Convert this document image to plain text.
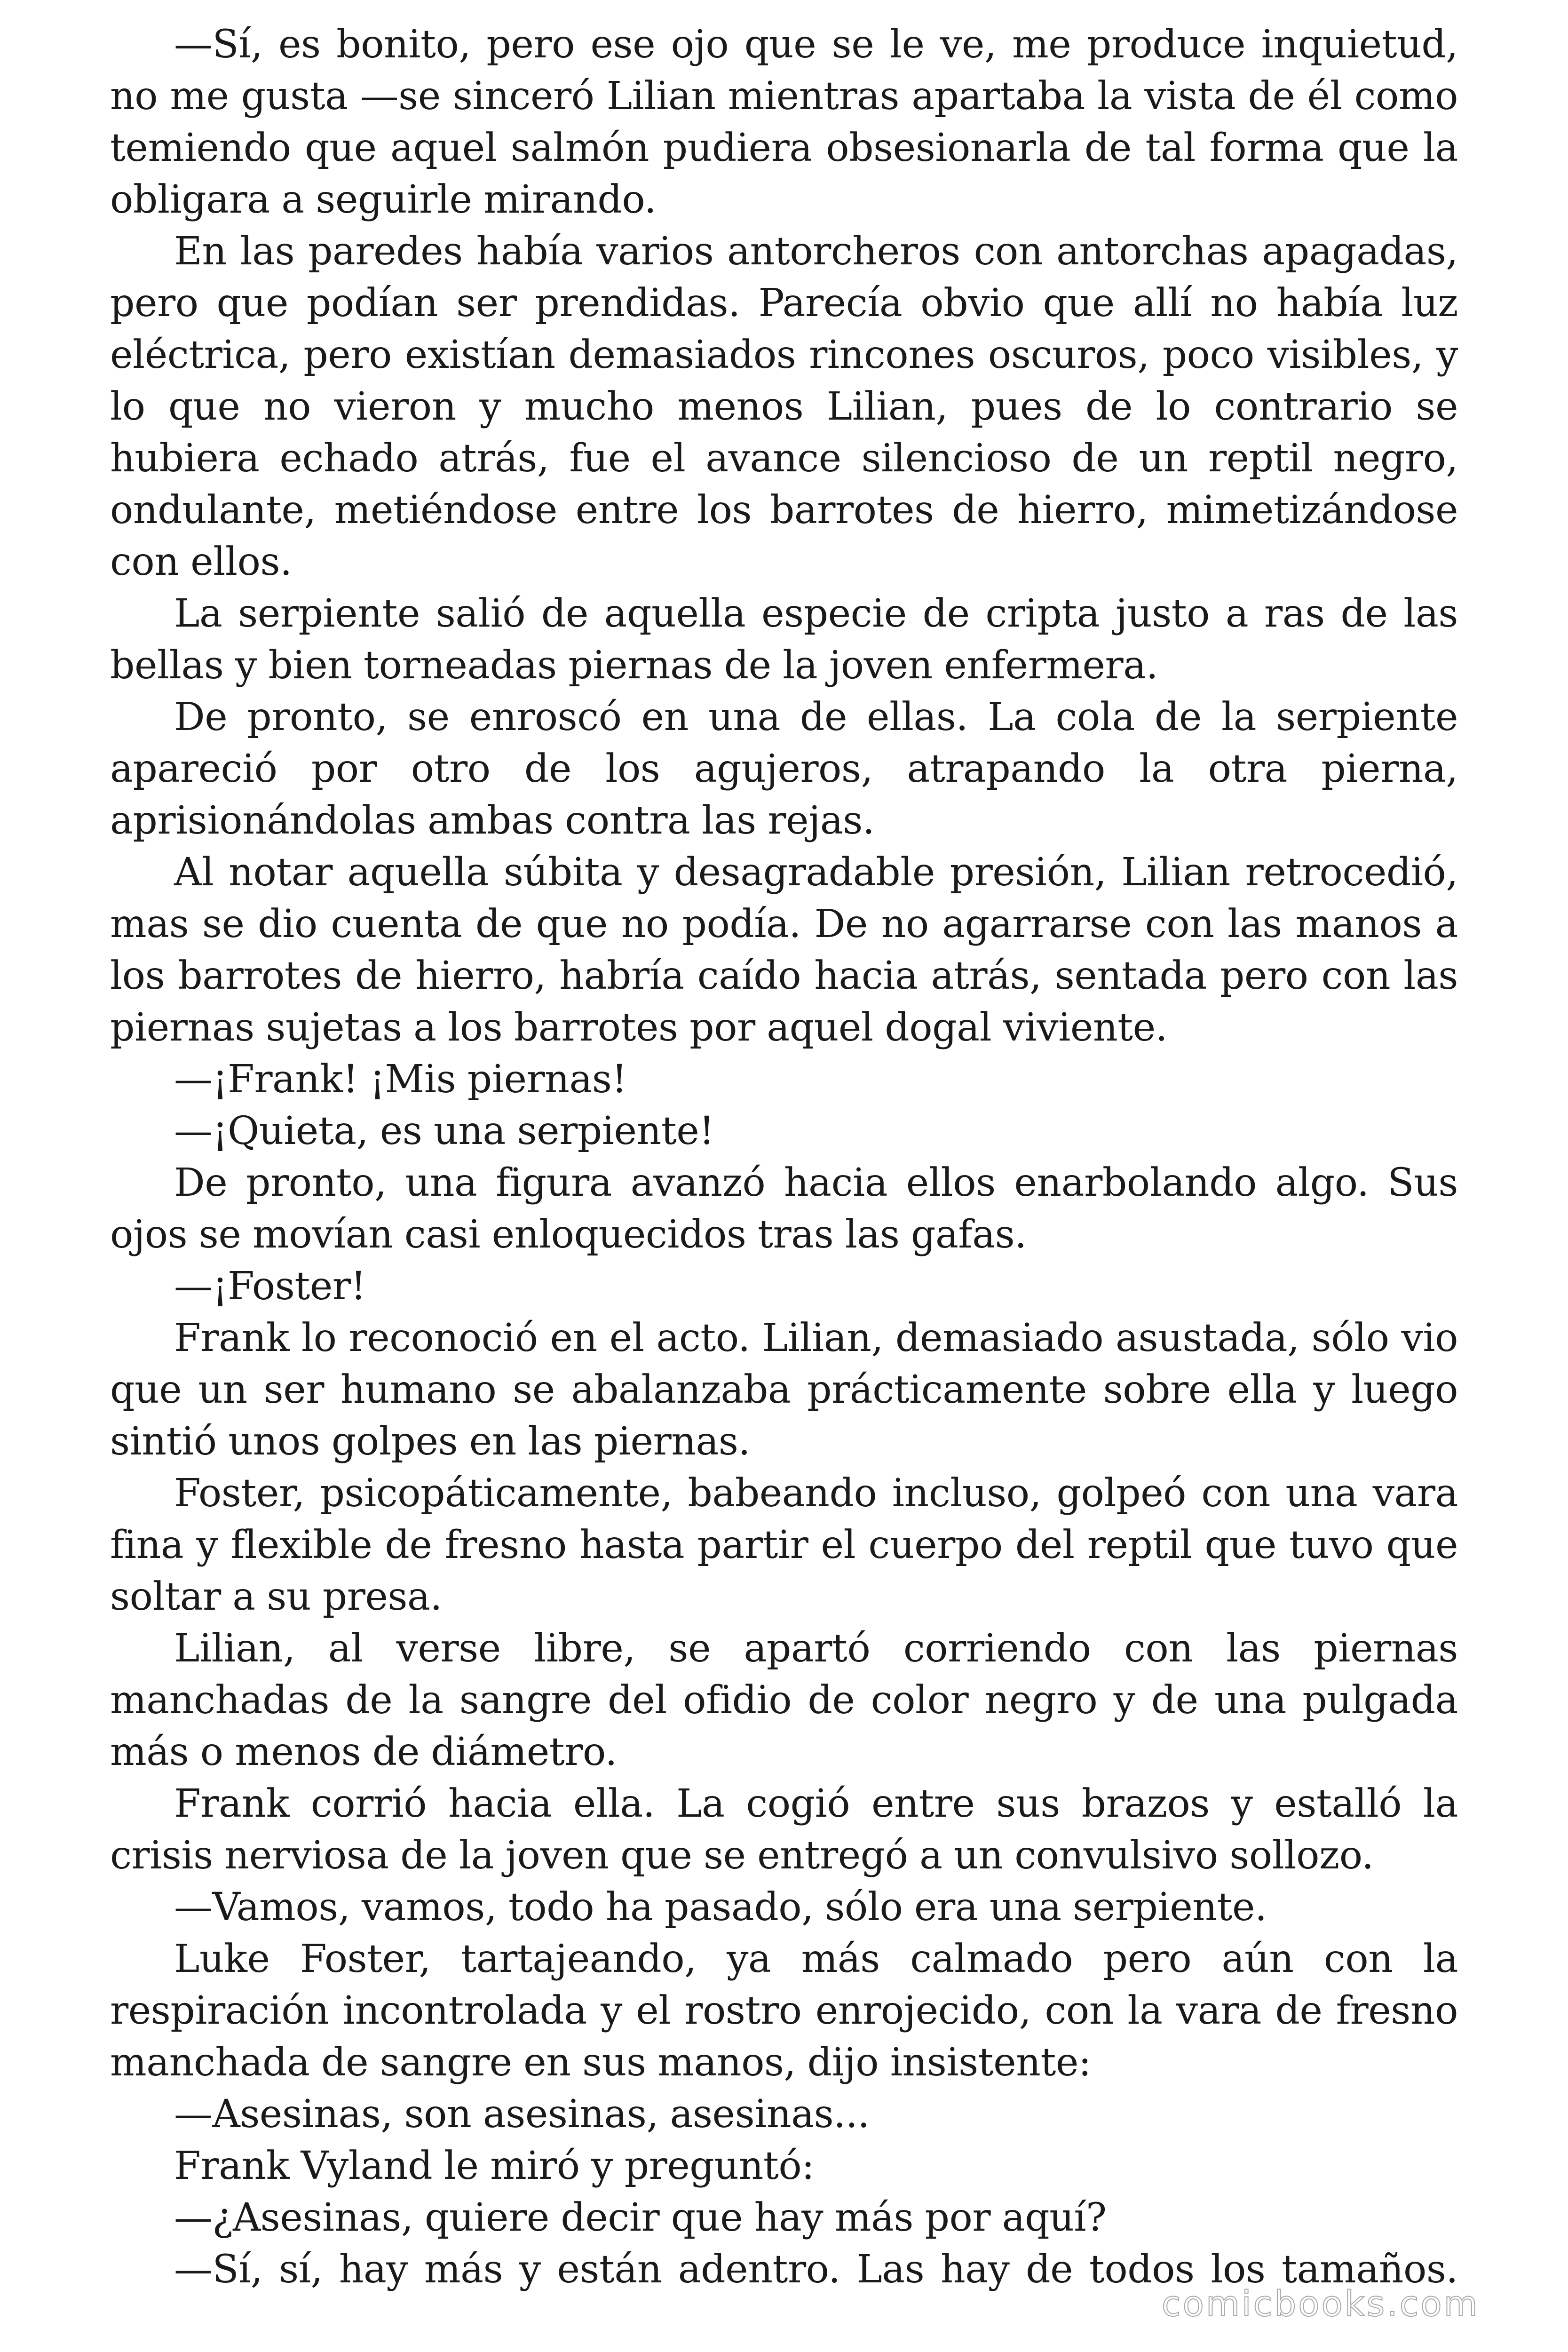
—Sí, es bonito, pero ese ojo que se le ve, me produce inquietud, no me gusta —se sinceró Lilian mientras apartaba la vista de él como temiendo que aquel salmón pudiera obsesionarla de tal forma que la obligara a seguirle mirando.

En las paredes había varios antorcheros con antorchas apagadas, pero que podían ser prendidas. Parecía obvio que allí no había luz eléctrica, pero existían demasiados rincones oscuros, poco visibles, y lo que no vieron y mucho menos Lilian, pues de lo contrario se hubiera echado atrás, fue el avance silencioso de un reptil negro, ondulante, metiéndose entre los barrotes de hierro, mimetizándose con ellos.

La serpiente salió de aquella especie de cripta justo a ras de las bellas y bien torneadas piernas de la joven enfermera.

De pronto, se enroscó en una de ellas. La cola de la serpiente apareció por otro de los agujeros, atrapando la otra pierna, aprisionándolas ambas contra las rejas.

Al notar aquella súbita y desagradable presión, Lilian retrocedió, mas se dio cuenta de que no podía. De no agarrarse con las manos a los barrotes de hierro, habría caído hacia atrás, sentada pero con las piernas sujetas a los barrotes por aquel dogal viviente.

—¡Frank! ¡Mis piernas!

—¡Quieta, es una serpiente!

De pronto, una figura avanzó hacia ellos enarbolando algo. Sus ojos se movían casi enloquecidos tras las gafas.

—¡Foster!

Frank lo reconoció en el acto. Lilian, demasiado asustada, sólo vio que un ser humano se abalanzaba prácticamente sobre ella y luego sintió unos golpes en las piernas.

Foster, psicopáticamente, babeando incluso, golpeó con una vara fina y flexible de fresno hasta partir el cuerpo del reptil que tuvo que soltar a su presa.

Lilian, al verse libre, se apartó corriendo con las piernas manchadas de la sangre del ofidio de color negro y de una pulgada más o menos de diámetro.

Frank corrió hacia ella. La cogió entre sus brazos y estalló la crisis nerviosa de la joven que se entregó a un convulsivo sollozo.

—Vamos, vamos, todo ha pasado, sólo era una serpiente.

Luke Foster, tartajeando, ya más calmado pero aún con la respiración incontrolada y el rostro enrojecido, con la vara de fresno manchada de sangre en sus manos, dijo insistente:

—Asesinas, son asesinas, asesinas...

Frank Vyland le miró y preguntó:

—¿Asesinas, quiere decir que hay más por aquí?

—Sí, sí, hay más y están adentro. Las hay de todos los tamaños.

comicbooks.com
